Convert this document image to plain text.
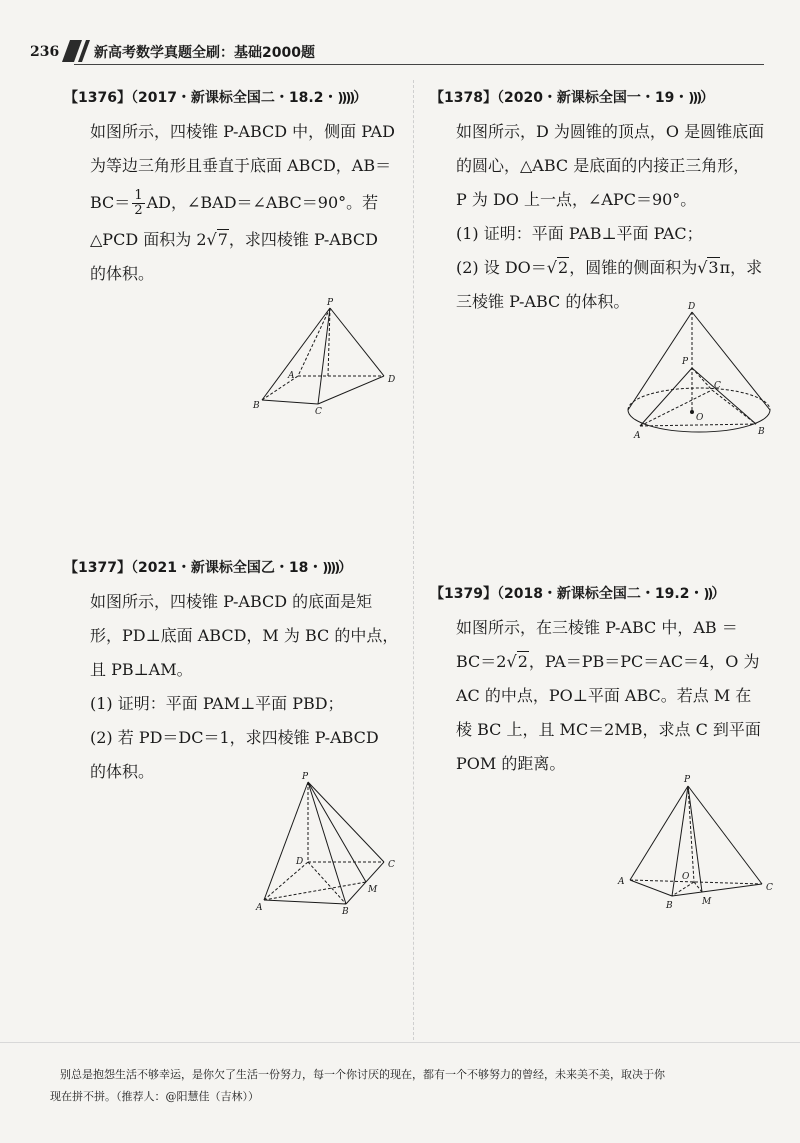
236 新高考数学真题全刷：基础2000题
【1376】（2017・新课标全国二・18.2・))))）
如图所示，四棱锥 P-ABCD 中，侧面 PAD
为等边三角形且垂直于底面 ABCD，AB＝
$BC= \frac{1}{2}$ AD，∠BAD＝∠ABC＝90°。若
△PCD 面积为 2√7，求四棱锥 P-ABCD
的体积。
P
A	D
B
C
【1378】（2020・新课标全国一・19・)))）
如图所示，D 为圆锥的顶点，O 是圆锥底面
的圆心，△ABC 是底面的内接正三角形，
P 为 DO 上一点，∠APC＝90°。
(1) 证明：平面 PAB⊥平面 PAC；
(2) 设 DO＝√2，圆锥的侧面积为√3π，求
三棱锥 P-ABC 的体积。	D
P
O
A	B
C
【1377】（2021・新课标全国乙・18・))))）
如图所示，四棱锥 P-ABCD 的底面是矩
形，PD⊥底面 ABCD，M 为 BC 的中点，
且 PB⊥AM。
(1) 证明：平面 PAM⊥平面 PBD；
(2) 若 PD＝DC＝1，求四棱锥 P-ABCD
的体积。	P
D	C
M
A	B
【1379】（2018・新课标全国二・19.2・))）
如图所示，在三棱锥 P-ABC 中，AB ＝
BC＝2√2，PA＝PB＝PC＝AC＝4，O 为
AC 的中点，PO⊥平面 ABC。若点 M 在
棱 BC 上，且 MC＝2MB，求点 C 到平面
POM 的距离。
P
A	O
C
B	M
别总是抱怨生活不够幸运，是你欠了生活一份努力，每一个你讨厌的现在，都有一个不够努力的曾经，未来美不美，取决于你
现在拼不拼。（推荐人：@阳慧佳（吉林））
